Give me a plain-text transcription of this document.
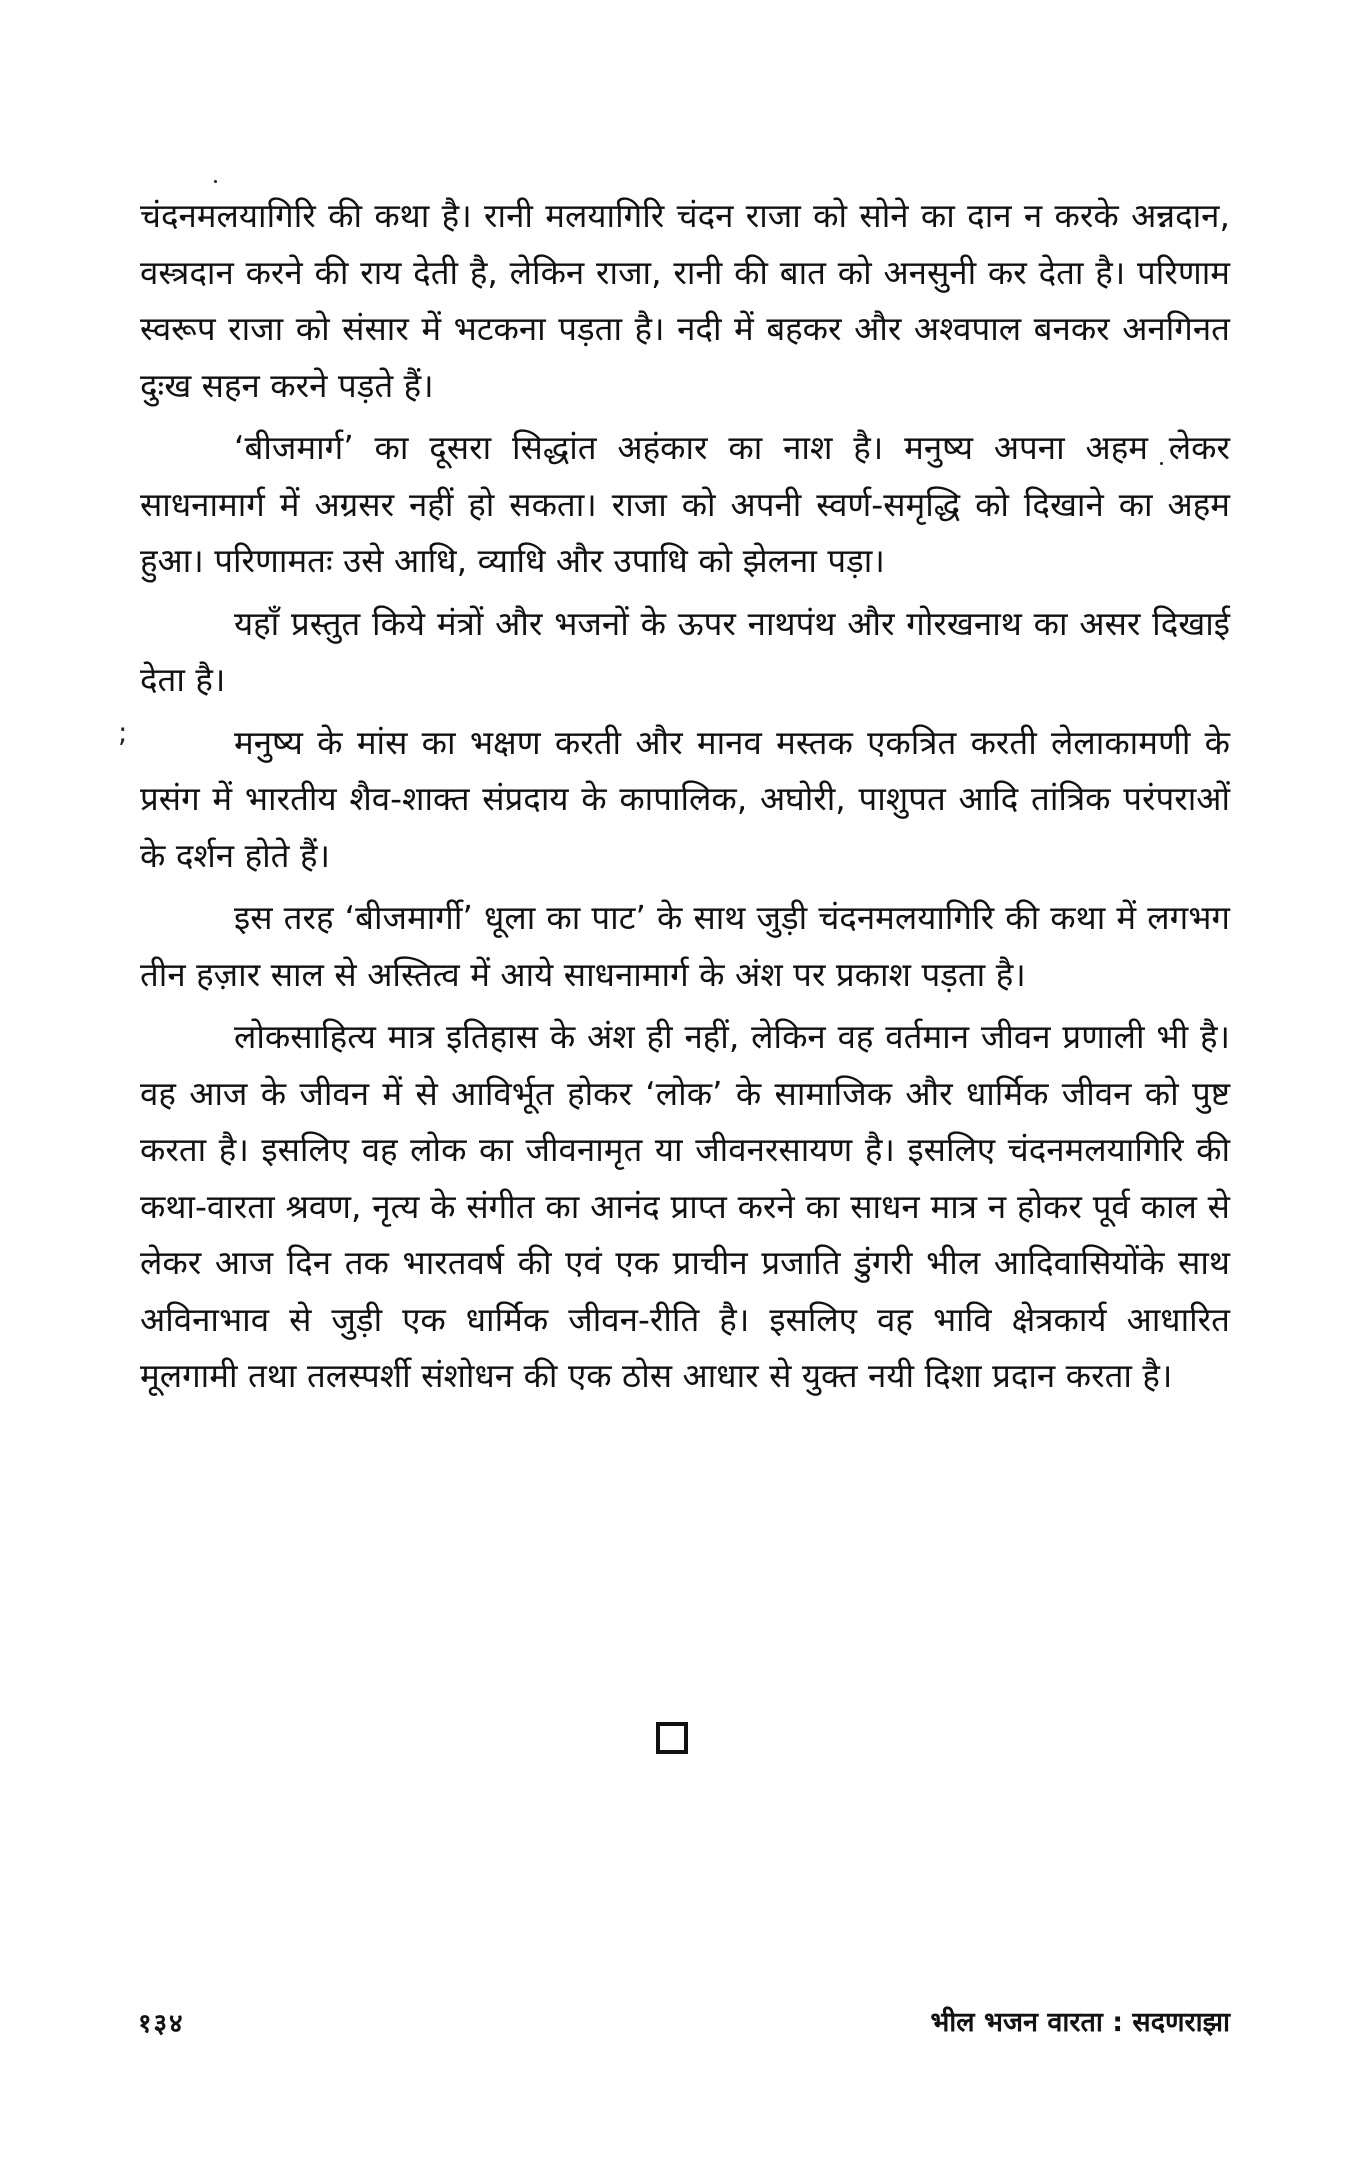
;

चंदनमलयागिरि की कथा है। रानी मलयागिरि चंदन राजा को सोने का दान न करके अन्नदान, वस्त्रदान करने की राय देती है, लेकिन राजा, रानी की बात को अनसुनी कर देता है। परिणाम स्वरूप राजा को संसार में भटकना पड़ता है। नदी में बहकर और अश्वपाल बनकर अनगिनत दुःख सहन करने पड़ते हैं।

‘बीजमार्ग’ का दूसरा सिद्धांत अहंकार का नाश है। मनुष्य अपना अहम लेकर साधनामार्ग में अग्रसर नहीं हो सकता। राजा को अपनी स्वर्ण-समृद्धि को दिखाने का अहम हुआ। परिणामतः उसे आधि, व्याधि और उपाधि को झेलना पड़ा।

यहाँ प्रस्तुत किये मंत्रों और भजनों के ऊपर नाथपंथ और गोरखनाथ का असर दिखाई देता है।

मनुष्य के मांस का भक्षण करती और मानव मस्तक एकत्रित करती लेलाकामणी के प्रसंग में भारतीय शैव-शाक्त संप्रदाय के कापालिक, अघोरी, पाशुपत आदि तांत्रिक परंपराओं के दर्शन होते हैं।

इस तरह ‘बीजमार्गी’ धूला का पाट’ के साथ जुड़ी चंदनमलयागिरि की कथा में लगभग तीन हज़ार साल से अस्तित्व में आये साधनामार्ग के अंश पर प्रकाश पड़ता है।

लोकसाहित्य मात्र इतिहास के अंश ही नहीं, लेकिन वह वर्तमान जीवन प्रणाली भी है। वह आज के जीवन में से आविर्भूत होकर ‘लोक’ के सामाजिक और धार्मिक जीवन को पुष्ट करता है। इसलिए वह लोक का जीवनामृत या जीवनरसायण है। इसलिए चंदनमलयागिरि की कथा-वारता श्रवण, नृत्य के संगीत का आनंद प्राप्त करने का साधन मात्र न होकर पूर्व काल से लेकर आज दिन तक भारतवर्ष की एवं एक प्राचीन प्रजाति डुंगरी भील आदिवासियोंके साथ अविनाभाव से जुड़ी एक धार्मिक जीवन-रीति है। इसलिए वह भावि क्षेत्रकार्य आधारित मूलगामी तथा तलस्पर्शी संशोधन की एक ठोस आधार से युक्त नयी दिशा प्रदान करता है।

१३४	भील भजन वारता : सदणराझा
